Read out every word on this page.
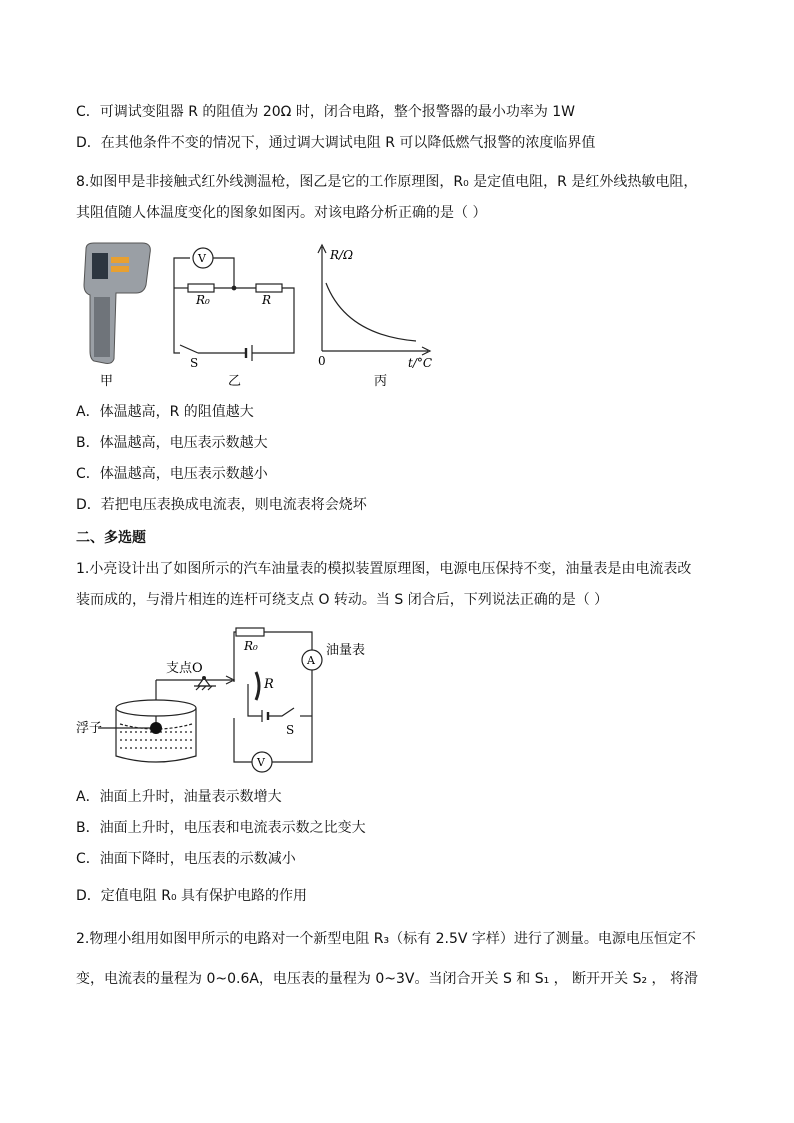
C．可调试变阻器 R 的阻值为 20Ω 时，闭合电路，整个报警器的最小功率为 1W
D．在其他条件不变的情况下，通过调大调试电阻 R 可以降低燃气报警的浓度临界值
8.如图甲是非接触式红外线测温枪，图乙是它的工作原理图，R₀ 是定值电阻，R 是红外线热敏电阻，
其阻值随人体温度变化的图象如图丙。对该电路分析正确的是（ ）
甲
V
R₀	R
S
乙
R/Ω
t/°C
0
丙
A．体温越高，R 的阻值越大
B．体温越高，电压表示数越大
C．体温越高，电压表示数越小
D．若把电压表换成电流表，则电流表将会烧坏
二、多选题
1.小亮设计出了如图所示的汽车油量表的模拟装置原理图，电源电压保持不变，油量表是由电流表改
装而成的，与滑片相连的连杆可绕支点 O 转动。当 S 闭合后，下列说法正确的是（ ）
R₀
A
油量表
支点O
R
S
浮子
V
A．油面上升时，油量表示数增大
B．油面上升时，电压表和电流表示数之比变大
C．油面下降时，电压表的示数减小
D．定值电阻 R₀ 具有保护电路的作用
2.物理小组用如图甲所示的电路对一个新型电阻 R₃（标有 2.5V 字样）进行了测量。电源电压恒定不
变，电流表的量程为 0~0.6A，电压表的量程为 0~3V。当闭合开关 S 和 S₁ ， 断开开关 S₂ ， 将滑
